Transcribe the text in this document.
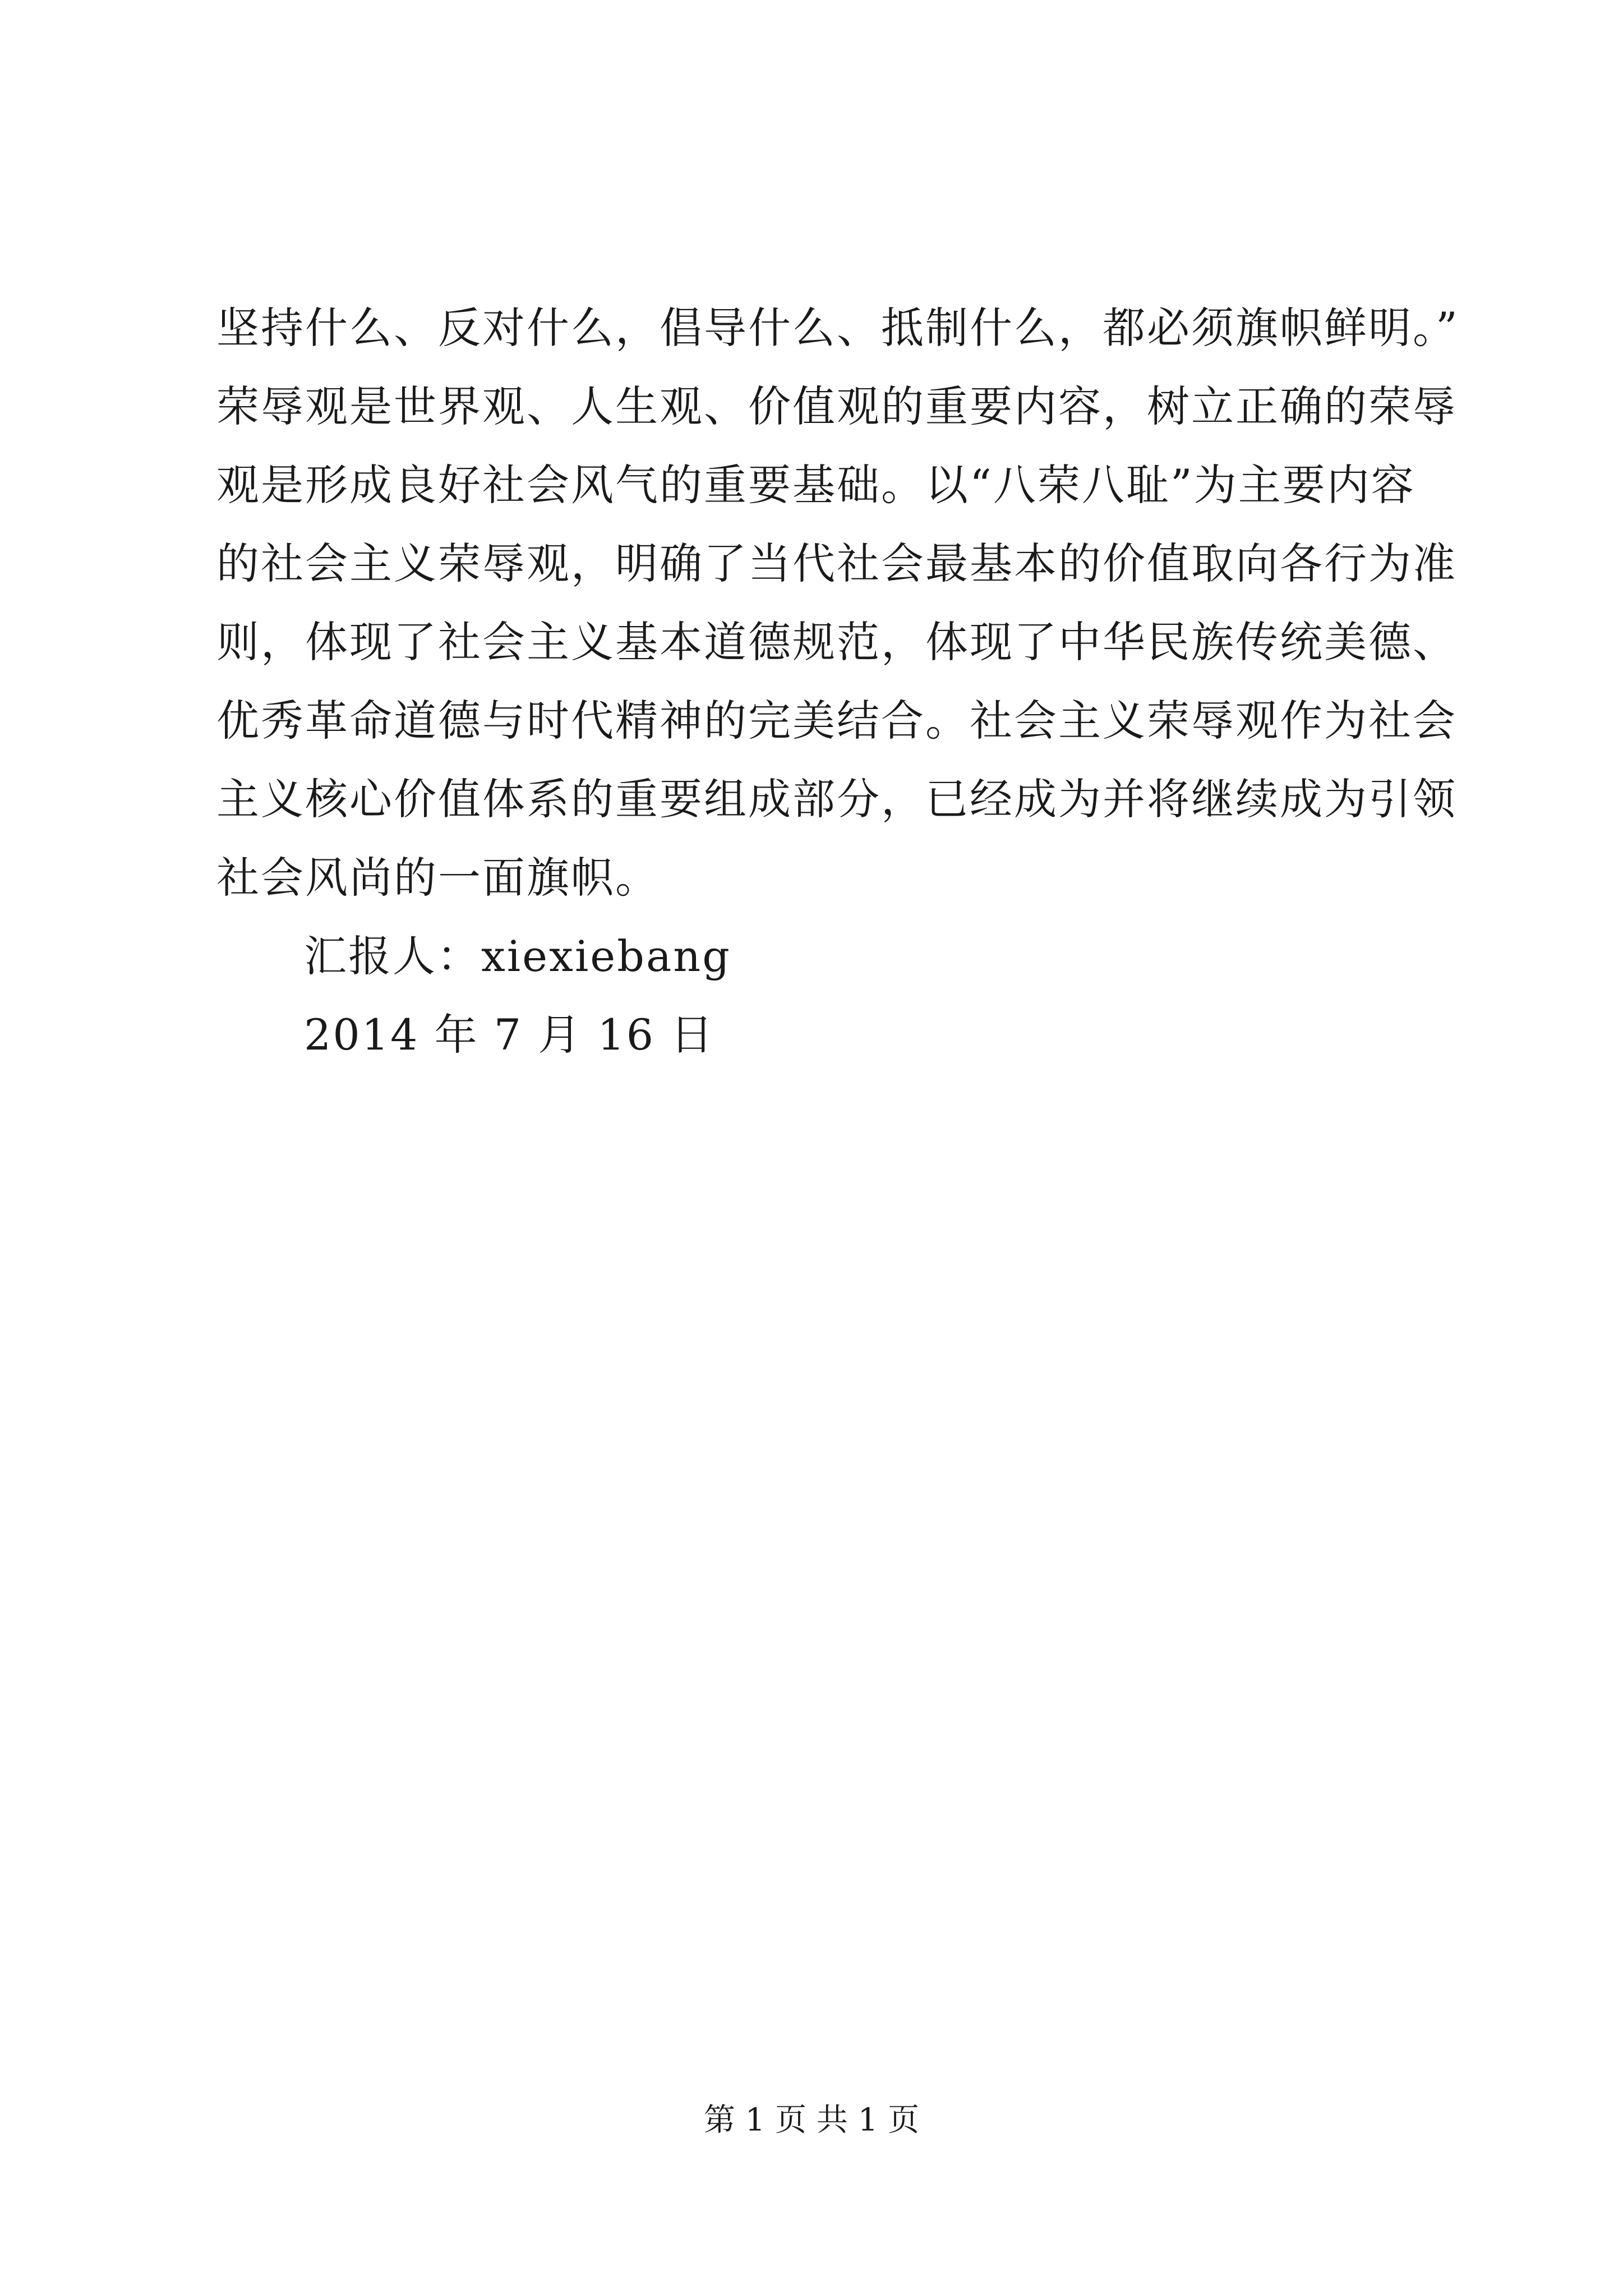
坚持什么、反对什么，倡导什么、抵制什么，都必须旗帜鲜明。”
荣辱观是世界观、人生观、价值观的重要内容，树立正确的荣辱
观是形成良好社会风气的重要基础。以“八荣八耻”为主要内容
的社会主义荣辱观，明确了当代社会最基本的价值取向各行为准
则，体现了社会主义基本道德规范，体现了中华民族传统美德、
优秀革命道德与时代精神的完美结合。社会主义荣辱观作为社会
主义核心价值体系的重要组成部分，已经成为并将继续成为引领
社会风尚的一面旗帜。
汇报人：xiexiebang
2014 年 7 月 16 日
第 1 页 共 1 页
